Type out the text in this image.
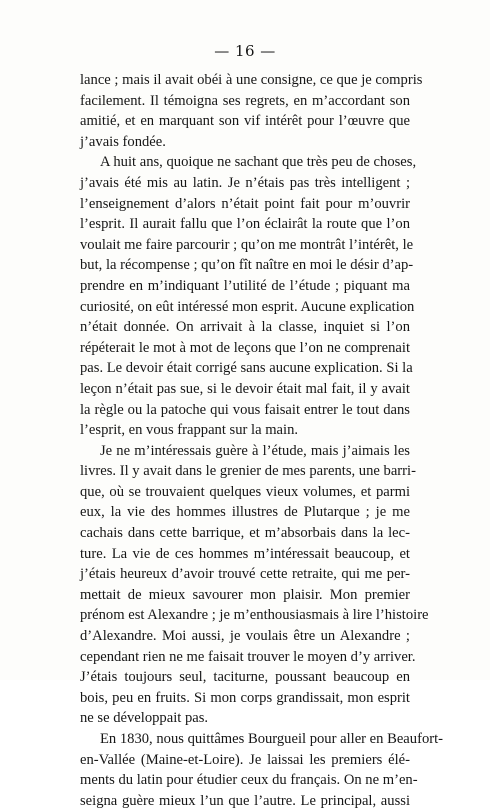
— 16 —
lance ; mais il avait obéi à une consigne, ce que je compris
facilement. Il témoigna ses regrets, en m’accordant son
amitié, et en marquant son vif intérêt pour l’œuvre que
j’avais fondée.
A huit ans, quoique ne sachant que très peu de choses,
j’avais été mis au latin. Je n’étais pas très intelligent ;
l’enseignement d’alors n’était point fait pour m’ouvrir
l’esprit. Il aurait fallu que l’on éclairât la route que l’on
voulait me faire parcourir ; qu’on me montrât l’intérêt, le
but, la récompense ; qu’on fît naître en moi le désir d’ap-
prendre en m’indiquant l’utilité de l’étude ; piquant ma
curiosité, on eût intéressé mon esprit. Aucune explication
n’était donnée. On arrivait à la classe, inquiet si l’on
répéterait le mot à mot de leçons que l’on ne comprenait
pas. Le devoir était corrigé sans aucune explication. Si la
leçon n’était pas sue, si le devoir était mal fait, il y avait
la règle ou la patoche qui vous faisait entrer le tout dans
l’esprit, en vous frappant sur la main.
Je ne m’intéressais guère à l’étude, mais j’aimais les
livres. Il y avait dans le grenier de mes parents, une barri-
que, où se trouvaient quelques vieux volumes, et parmi
eux, la vie des hommes illustres de Plutarque ; je me
cachais dans cette barrique, et m’absorbais dans la lec-
ture. La vie de ces hommes m’intéressait beaucoup, et
j’étais heureux d’avoir trouvé cette retraite, qui me per-
mettait de mieux savourer mon plaisir. Mon premier
prénom est Alexandre ; je m’enthousiasmais à lire l’histoire
d’Alexandre. Moi aussi, je voulais être un Alexandre ;
cependant rien ne me faisait trouver le moyen d’y arriver.
J’étais toujours seul, taciturne, poussant beaucoup en
bois, peu en fruits. Si mon corps grandissait, mon esprit
ne se développait pas.
En 1830, nous quittâmes Bourgueil pour aller en Beaufort-
en-Vallée (Maine-et-Loire). Je laissai les premiers élé-
ments du latin pour étudier ceux du français. On ne m’en-
seigna guère mieux l’un que l’autre. Le principal, aussi
